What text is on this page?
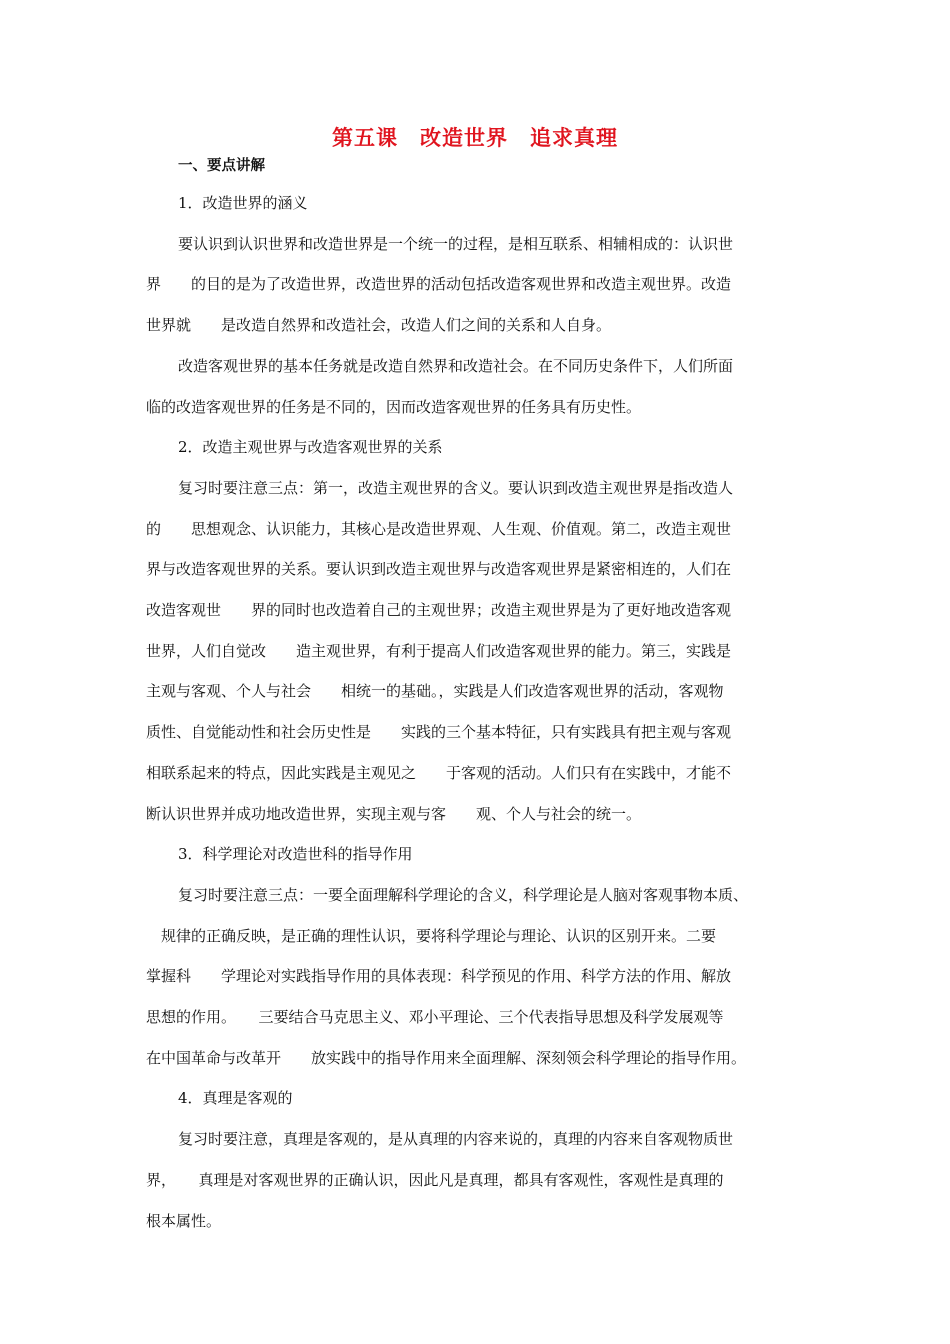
第五课　改造世界　追求真理
一、要点讲解
1．改造世界的涵义
要认识到认识世界和改造世界是一个统一的过程，是相互联系、相辅相成的：认识世
界　　的目的是为了改造世界，改造世界的活动包括改造客观世界和改造主观世界。改造
世界就　　是改造自然界和改造社会，改造人们之间的关系和人自身。
改造客观世界的基本任务就是改造自然界和改造社会。在不同历史条件下，人们所面
临的改造客观世界的任务是不同的，因而改造客观世界的任务具有历史性。
2．改造主观世界与改造客观世界的关系
复习时要注意三点：第一，改造主观世界的含义。要认识到改造主观世界是指改造人
的　　思想观念、认识能力，其核心是改造世界观、人生观、价值观。第二，改造主观世
界与改造客观世界的关系。要认识到改造主观世界与改造客观世界是紧密相连的，人们在
改造客观世　　界的同时也改造着自己的主观世界；改造主观世界是为了更好地改造客观
世界，人们自觉改　　造主观世界，有利于提高人们改造客观世界的能力。第三，实践是
主观与客观、个人与社会　　相统一的基础。，实践是人们改造客观世界的活动，客观物
质性、自觉能动性和社会历史性是　　实践的三个基本特征，只有实践具有把主观与客观
相联系起来的特点，因此实践是主观见之　　于客观的活动。人们只有在实践中，才能不
断认识世界并成功地改造世界，实现主观与客　　观、个人与社会的统一。
3．科学理论对改造世科的指导作用
复习时要注意三点：一要全面理解科学理论的含义，科学理论是人脑对客观事物本质、
　规律的正确反映，是正确的理性认识，要将科学理论与理论、认识的区别开来。二要
掌握科　　学理论对实践指导作用的具体表现：科学预见的作用、科学方法的作用、解放
思想的作用。　　三要结合马克思主义、邓小平理论、三个代表指导思想及科学发展观等
在中国革命与改革开　　放实践中的指导作用来全面理解、深刻领会科学理论的指导作用。
4．真理是客观的
复习时要注意，真理是客观的，是从真理的内容来说的，真理的内容来自客观物质世
界，　　真理是对客观世界的正确认识，因此凡是真理，都具有客观性，客观性是真理的
根本属性。
